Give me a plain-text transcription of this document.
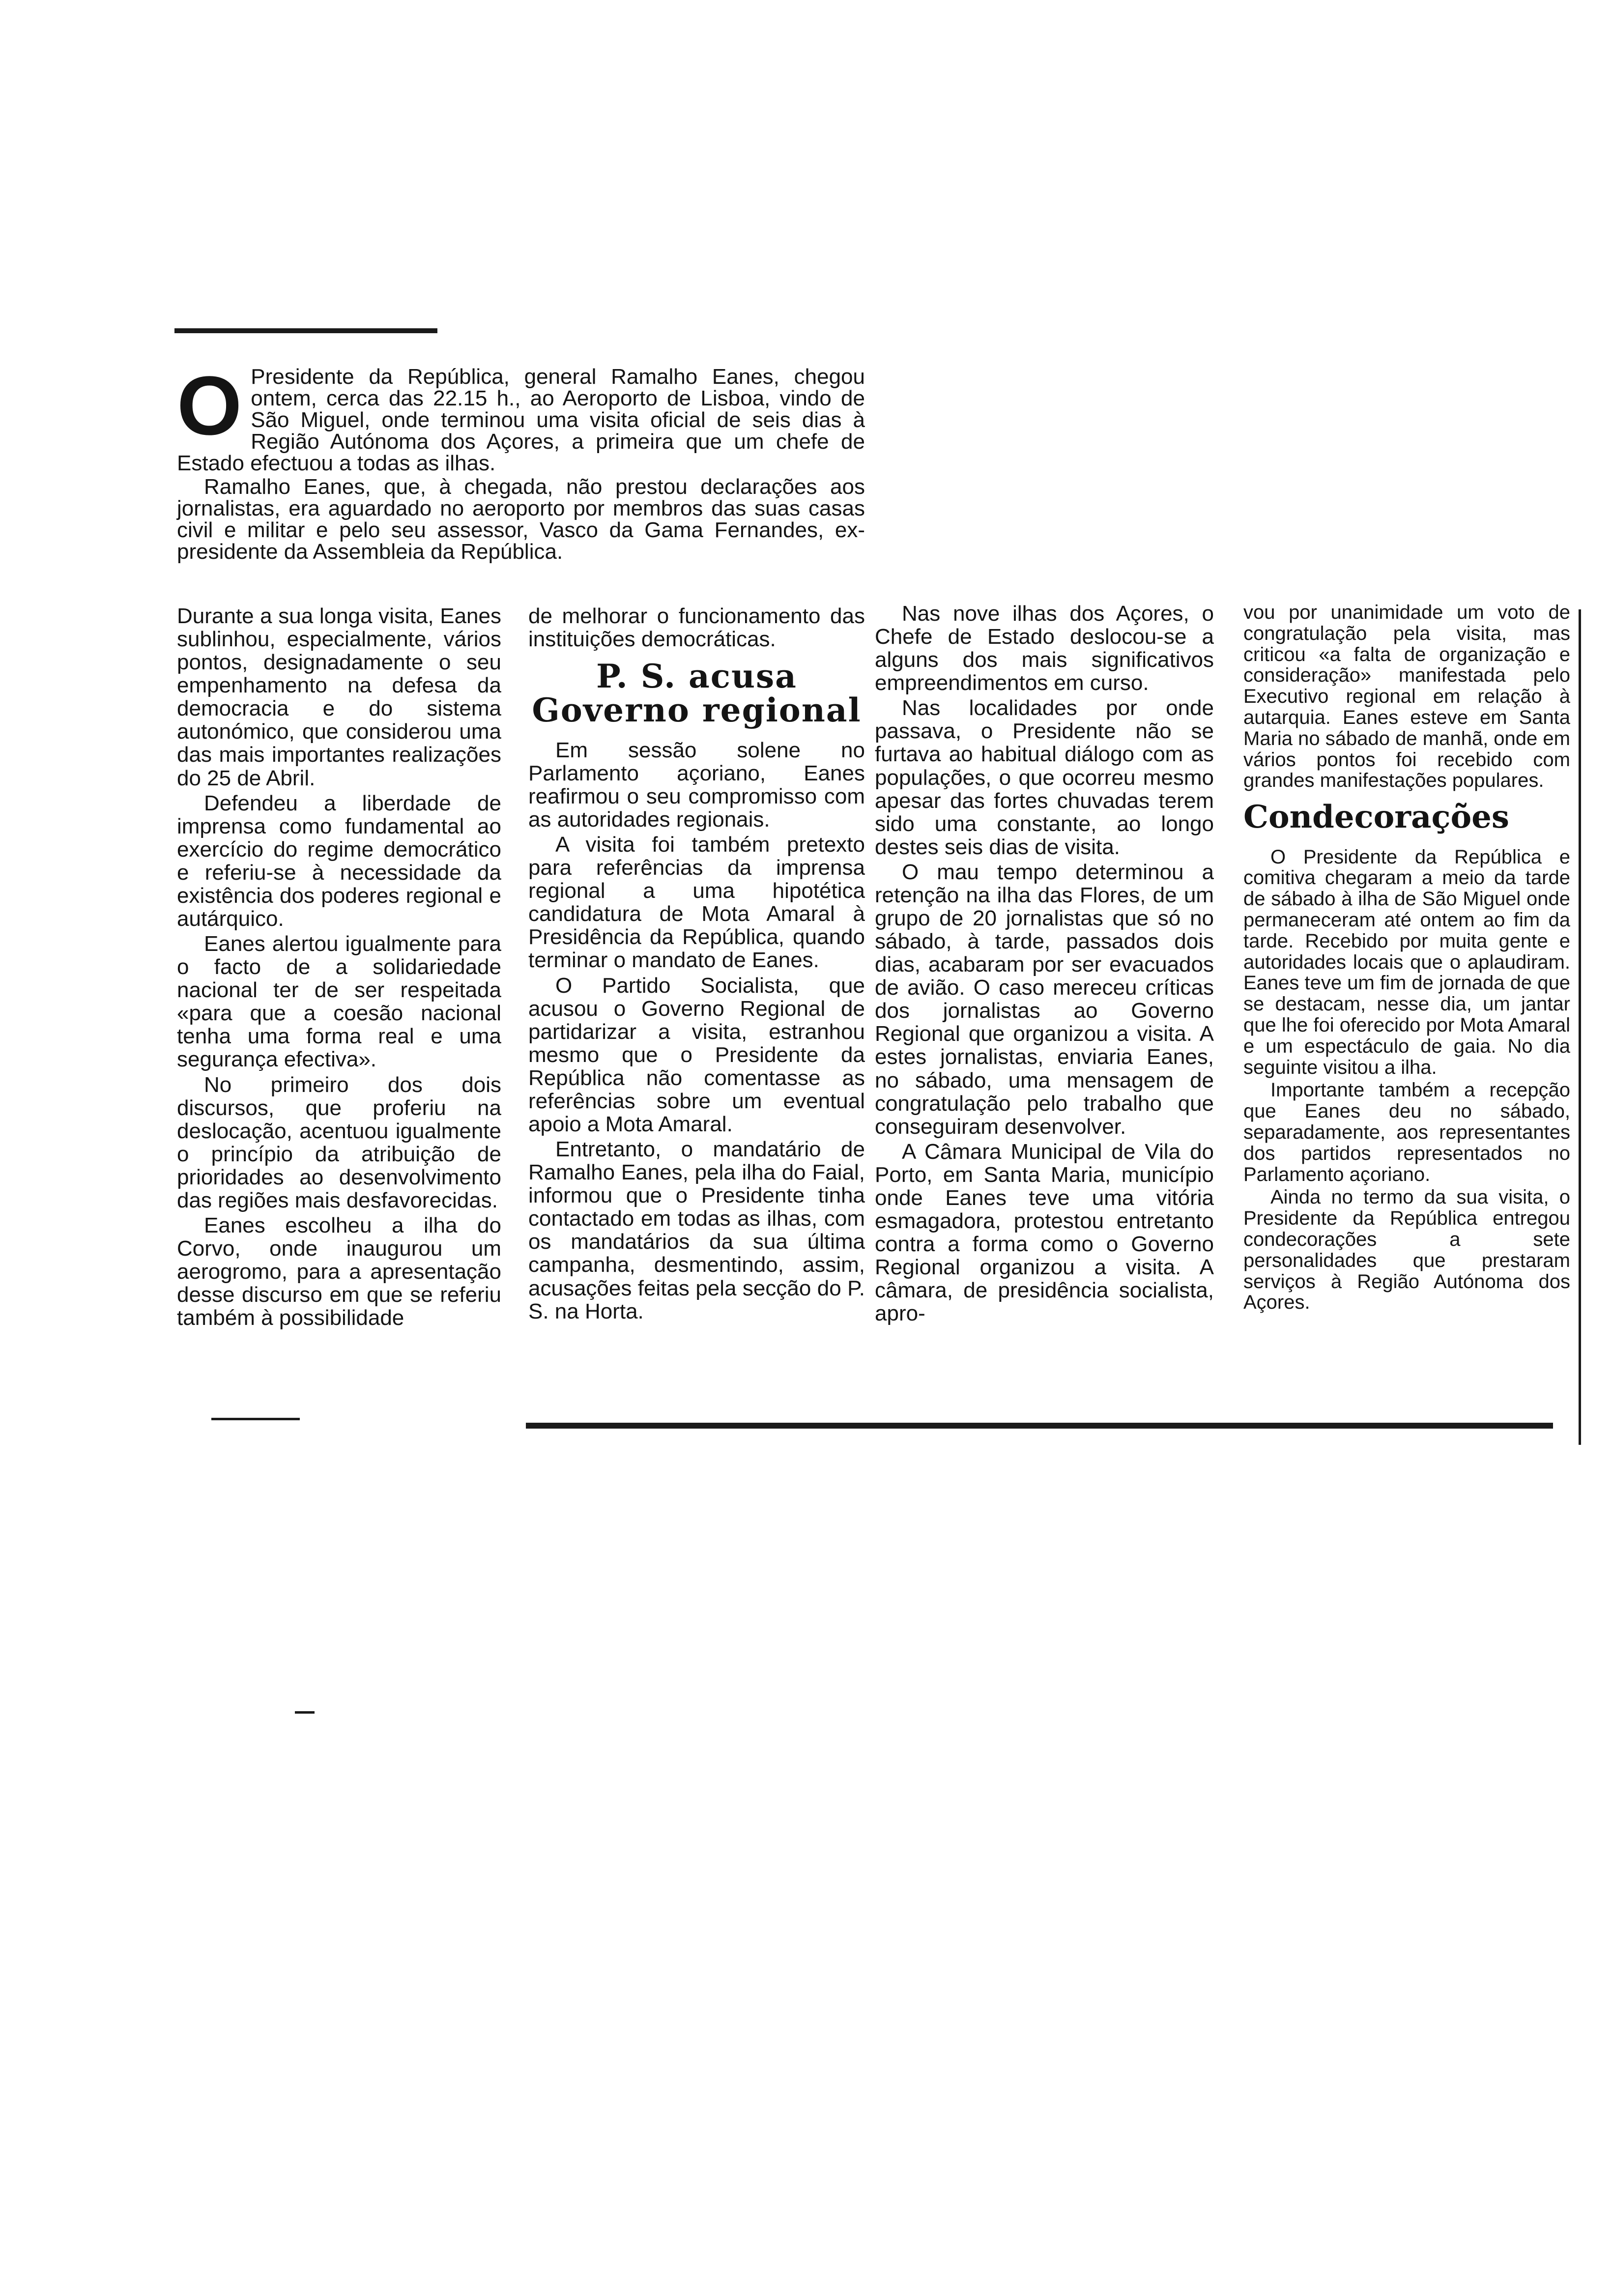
O Presidente da República, general Ramalho Eanes, chegou ontem, cerca das 22.15 h., ao Aeroporto de Lisboa, vindo de São Miguel, onde terminou uma visita oficial de seis dias à Região Autónoma dos Açores, a primeira que um chefe de Estado efectuou a todas as ilhas.

Ramalho Eanes, que, à chegada, não prestou declarações aos jornalistas, era aguardado no aeroporto por membros das suas casas civil e militar e pelo seu assessor, Vasco da Gama Fernandes, ex-presidente da Assembleia da República.

Durante a sua longa visita, Eanes sublinhou, especialmente, vários pontos, designadamente o seu empenhamento na defesa da democracia e do sistema autonómico, que considerou uma das mais importantes realizações do 25 de Abril.

Defendeu a liberdade de imprensa como fundamental ao exercício do regime democrático e referiu-se à necessidade da existência dos poderes regional e autárquico.

Eanes alertou igualmente para o facto de a solidariedade nacional ter de ser respeitada «para que a coesão nacional tenha uma forma real e uma segurança efectiva».

No primeiro dos dois discursos, que proferiu na deslocação, acentuou igualmente o princípio da atribuição de prioridades ao desenvolvimento das regiões mais desfavorecidas.

Eanes escolheu a ilha do Corvo, onde inaugurou um aerogromo, para a apresentação desse discurso em que se referiu também à possibilidade

de melhorar o funcionamento das instituições democráticas.

P. S. acusa Governo regional

Em sessão solene no Parlamento açoriano, Eanes reafirmou o seu compromisso com as autoridades regionais.

A visita foi também pretexto para referências da imprensa regional a uma hipotética candidatura de Mota Amaral à Presidência da República, quando terminar o mandato de Eanes.

O Partido Socialista, que acusou o Governo Regional de partidarizar a visita, estranhou mesmo que o Presidente da República não comentasse as referências sobre um eventual apoio a Mota Amaral.

Entretanto, o mandatário de Ramalho Eanes, pela ilha do Faial, informou que o Presidente tinha contactado em todas as ilhas, com os mandatários da sua última campanha, desmentindo, assim, acusações feitas pela secção do P. S. na Horta.

Nas nove ilhas dos Açores, o Chefe de Estado deslocou-se a alguns dos mais significativos empreendimentos em curso.

Nas localidades por onde passava, o Presidente não se furtava ao habitual diálogo com as populações, o que ocorreu mesmo apesar das fortes chuvadas terem sido uma constante, ao longo destes seis dias de visita.

O mau tempo determinou a retenção na ilha das Flores, de um grupo de 20 jornalistas que só no sábado, à tarde, passados dois dias, acabaram por ser evacuados de avião. O caso mereceu críticas dos jornalistas ao Governo Regional que organizou a visita. A estes jornalistas, enviaria Eanes, no sábado, uma mensagem de congratulação pelo trabalho que conseguiram desenvolver.

A Câmara Municipal de Vila do Porto, em Santa Maria, município onde Eanes teve uma vitória esmagadora, protestou entretanto contra a forma como o Governo Regional organizou a visita. A câmara, de presidência socialista, apro-

vou por unanimidade um voto de congratulação pela visita, mas criticou «a falta de organização e consideração» manifestada pelo Executivo regional em relação à autarquia. Eanes esteve em Santa Maria no sábado de manhã, onde em vários pontos foi recebido com grandes manifestações populares.

Condecorações

O Presidente da República e comitiva chegaram a meio da tarde de sábado à ilha de São Miguel onde permaneceram até ontem ao fim da tarde. Recebido por muita gente e autoridades locais que o aplaudiram. Eanes teve um fim de jornada de que se destacam, nesse dia, um jantar que lhe foi oferecido por Mota Amaral e um espectáculo de gaia. No dia seguinte visitou a ilha.

Importante também a recepção que Eanes deu no sábado, separadamente, aos representantes dos partidos representados no Parlamento açoriano.

Ainda no termo da sua visita, o Presidente da República entregou condecorações a sete personalidades que prestaram serviços à Região Autónoma dos Açores.
